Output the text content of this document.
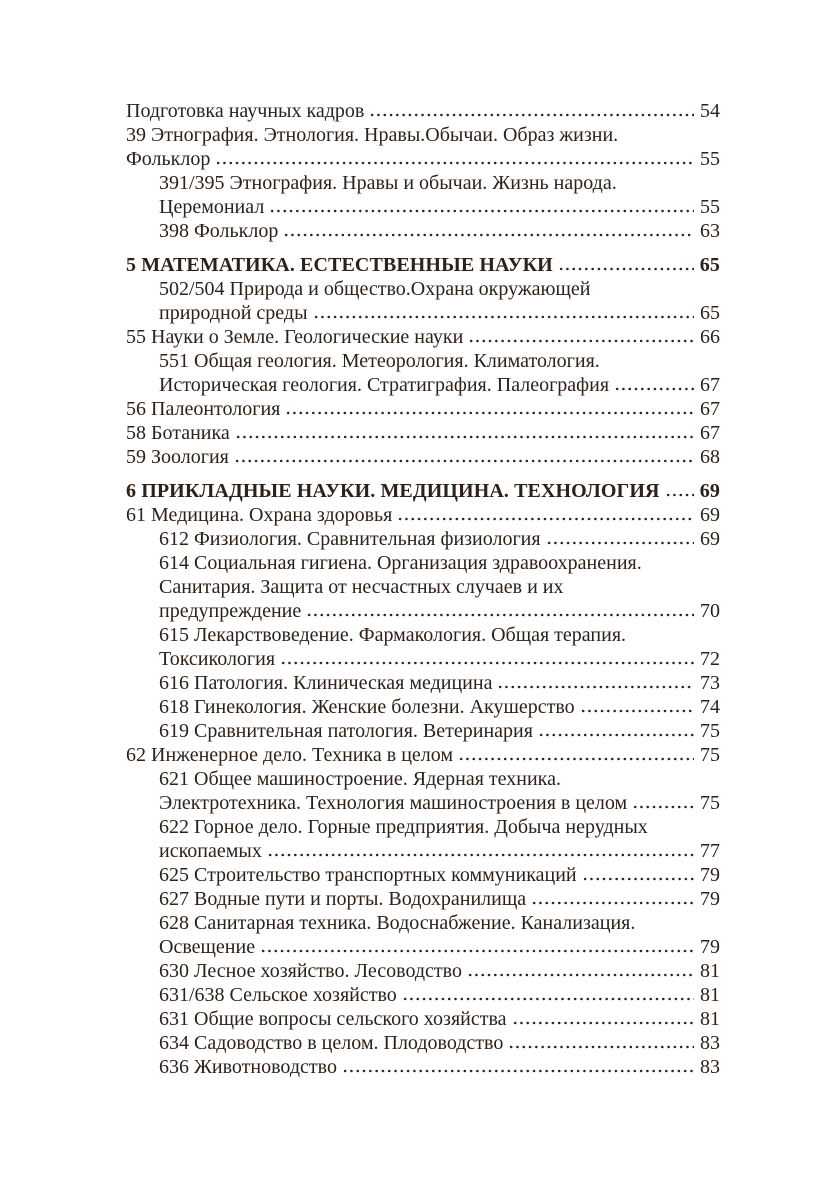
Подготовка научных кадров	54
39 Этнография. Этнология. Нравы.Обычаи. Образ жизни.
Фольклор	55
391/395 Этнография. Нравы и обычаи. Жизнь народа.
Церемониал	55
398 Фольклор	63
5 МАТЕМАТИКА. ЕСТЕСТВЕННЫЕ НАУКИ	65
502/504 Природа и общество.Охрана окружающей
природной среды	65
55 Науки о Земле. Геологические науки	66
551 Общая геология. Метеорология. Климатология.
Историческая геология. Стратиграфия. Палеография	67
56 Палеонтология	67
58 Ботаника	67
59 Зоология	68
6 ПРИКЛАДНЫЕ НАУКИ. МЕДИЦИНА. ТЕХНОЛОГИЯ 69
61 Медицина. Охрана здоровья	69
612 Физиология. Сравнительная физиология	69
614 Социальная гигиена. Организация здравоохранения.
Санитария. Защита от несчастных случаев и их
предупреждение	70
615 Лекарствоведение. Фармакология. Общая терапия.
Токсикология	72
616 Патология. Клиническая медицина	73
618 Гинекология. Женские болезни. Акушерство	74
619 Сравнительная патология. Ветеринария	75
62 Инженерное дело. Техника в целом	75
621 Общее машиностроение. Ядерная техника.
Электротехника. Технология машиностроения в целом	75
622 Горное дело. Горные предприятия. Добыча нерудных
ископаемых	77
625 Строительство транспортных коммуникаций	79
627 Водные пути и порты. Водохранилища	79
628 Санитарная техника. Водоснабжение. Канализация.
Освещение	79
630 Лесное хозяйство. Лесоводство	81
631/638 Сельское хозяйство	81
631 Общие вопросы сельского хозяйства	81
634 Садоводство в целом. Плодоводство	83
636 Животноводство	83
